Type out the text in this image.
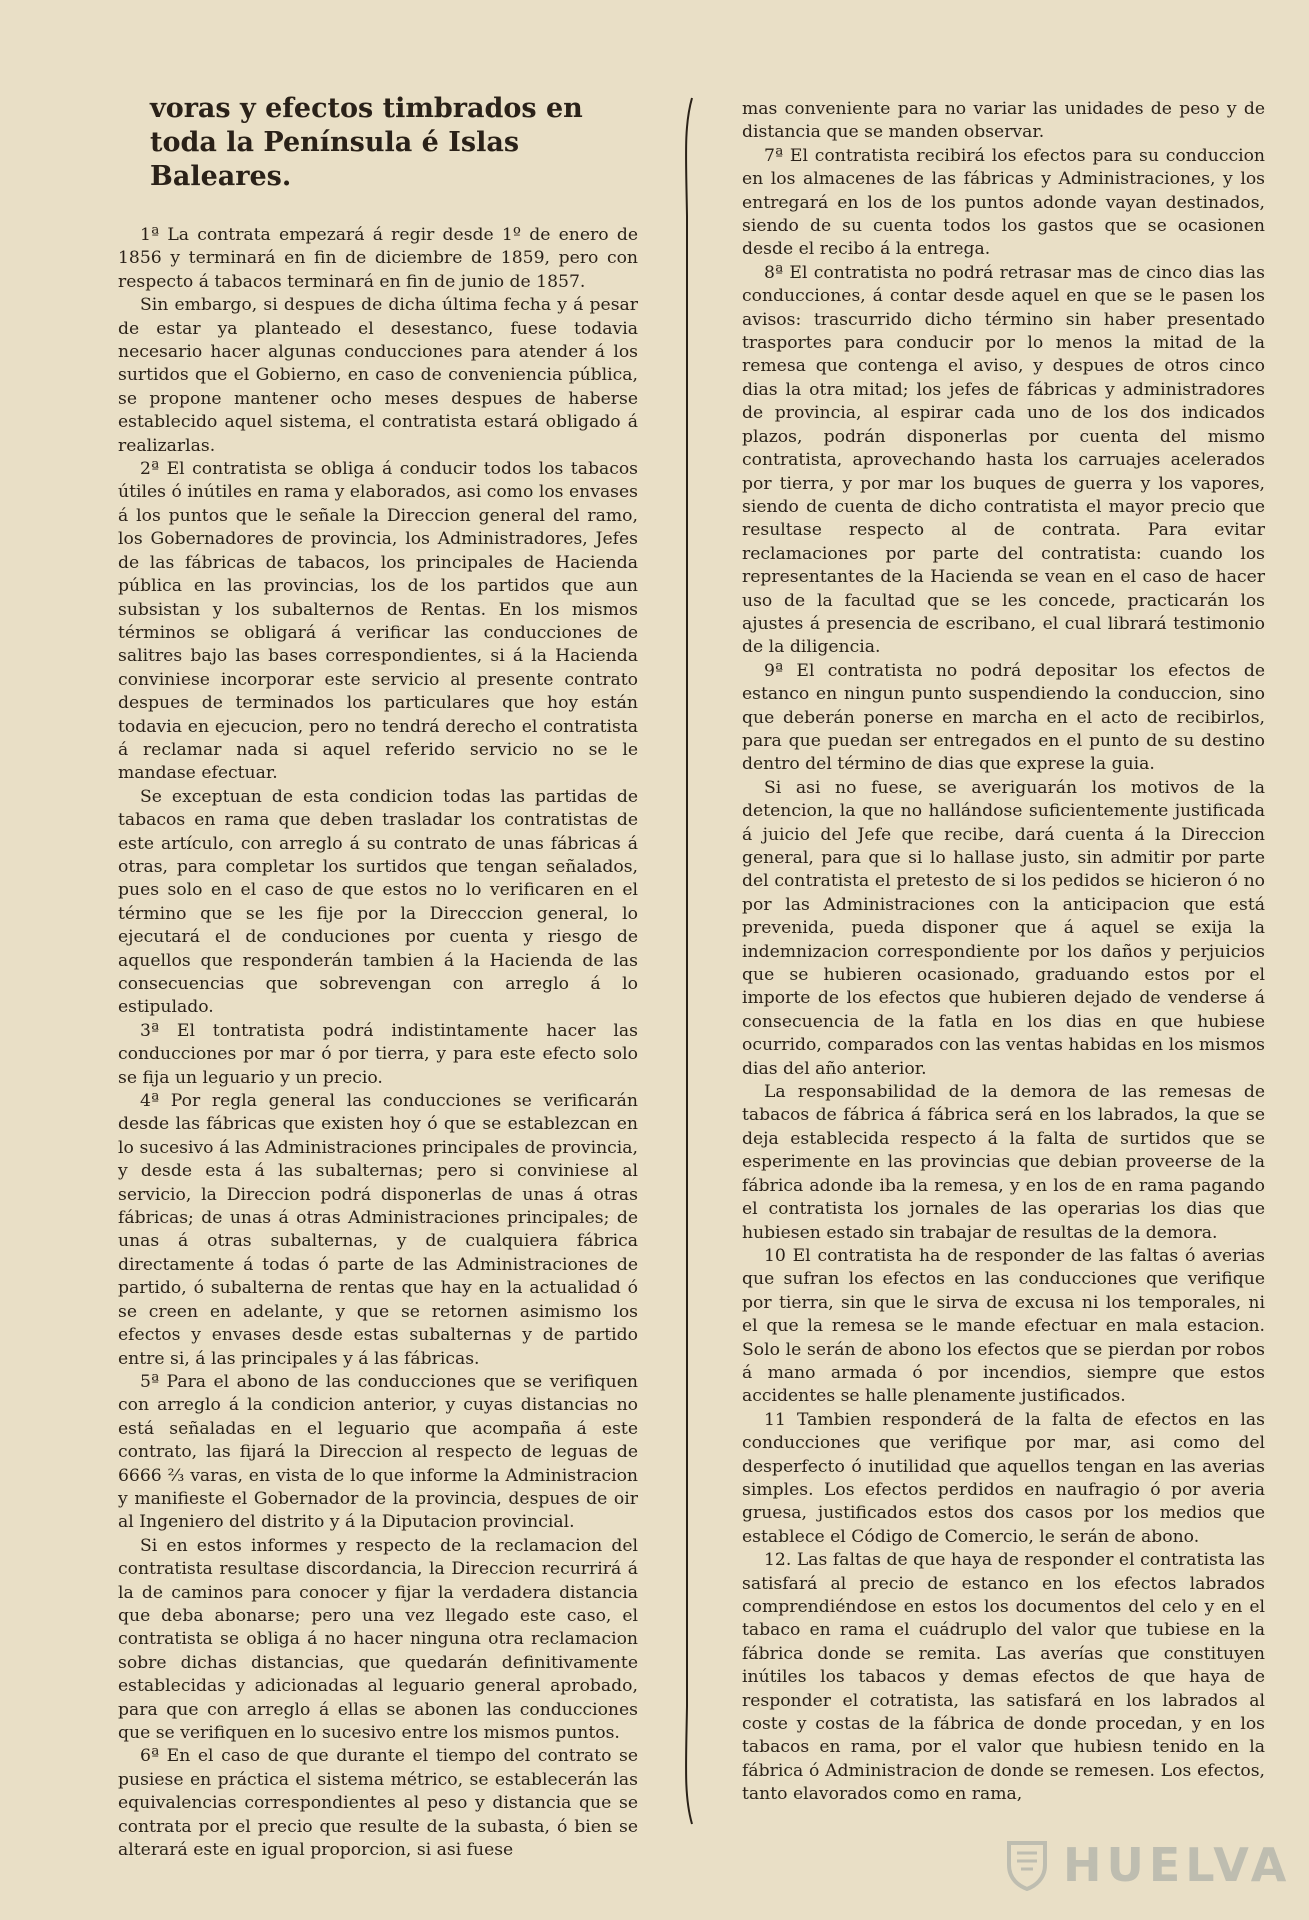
voras y efectos timbrados en toda la Península é Islas Baleares.

1ª La contrata empezará á regir desde 1º de enero de 1856 y terminará en fin de diciembre de 1859, pero con respecto á tabacos terminará en fin de junio de 1857.

Sin embargo, si despues de dicha última fecha y á pesar de estar ya planteado el desestanco, fuese todavia necesario hacer algunas conducciones para atender á los surtidos que el Gobierno, en caso de conveniencia pública, se propone mantener ocho meses despues de haberse establecido aquel sistema, el contratista estará obligado á realizarlas.

2ª El contratista se obliga á conducir todos los tabacos útiles ó inútiles en rama y elaborados, asi como los envases á los puntos que le señale la Direccion general del ramo, los Gobernadores de provincia, los Administradores, Jefes de las fábricas de tabacos, los principales de Hacienda pública en las provincias, los de los partidos que aun subsistan y los subalternos de Rentas. En los mismos términos se obligará á verificar las conducciones de salitres bajo las bases correspondientes, si á la Hacienda conviniese incorporar este servicio al presente contrato despues de terminados los particulares que hoy están todavia en ejecucion, pero no tendrá derecho el contratista á reclamar nada si aquel referido servicio no se le mandase efectuar.

Se exceptuan de esta condicion todas las partidas de tabacos en rama que deben trasladar los contratistas de este artículo, con arreglo á su contrato de unas fábricas á otras, para completar los surtidos que tengan señalados, pues solo en el caso de que estos no lo verificaren en el término que se les fije por la Direcccion general, lo ejecutará el de conduciones por cuenta y riesgo de aquellos que responderán tambien á la Hacienda de las consecuencias que sobrevengan con arreglo á lo estipulado.

3ª El tontratista podrá indistintamente hacer las conducciones por mar ó por tierra, y para este efecto solo se fija un leguario y un precio.

4ª Por regla general las conducciones se verificarán desde las fábricas que existen hoy ó que se establezcan en lo sucesivo á las Administraciones principales de provincia, y desde esta á las subalternas; pero si conviniese al servicio, la Direccion podrá disponerlas de unas á otras fábricas; de unas á otras Administraciones principales; de unas á otras subalternas, y de cualquiera fábrica directamente á todas ó parte de las Administraciones de partido, ó subalterna de rentas que hay en la actualidad ó se creen en adelante, y que se retornen asimismo los efectos y envases desde estas subalternas y de partido entre si, á las principales y á las fábricas.

5ª Para el abono de las conducciones que se verifiquen con arreglo á la condicion anterior, y cuyas distancias no está señaladas en el leguario que acompaña á este contrato, las fijará la Direccion al respecto de leguas de 6666 ⅔ varas, en vista de lo que informe la Administracion y manifieste el Gobernador de la provincia, despues de oir al Ingeniero del distrito y á la Diputacion provincial.

Si en estos informes y respecto de la reclamacion del contratista resultase discordancia, la Direccion recurrirá á la de caminos para conocer y fijar la verdadera distancia que deba abonarse; pero una vez llegado este caso, el contratista se obliga á no hacer ninguna otra reclamacion sobre dichas distancias, que quedarán definitivamente establecidas y adicionadas al leguario general aprobado, para que con arreglo á ellas se abonen las conducciones que se verifiquen en lo sucesivo entre los mismos puntos.

6ª En el caso de que durante el tiempo del contrato se pusiese en práctica el sistema métrico, se establecerán las equivalencias correspondientes al peso y distancia que se contrata por el precio que resulte de la subasta, ó bien se alterará este en igual proporcion, si asi fuese

mas conveniente para no variar las unidades de peso y de distancia que se manden observar.

7ª El contratista recibirá los efectos para su conduccion en los almacenes de las fábricas y Administraciones, y los entregará en los de los puntos adonde vayan destinados, siendo de su cuenta todos los gastos que se ocasionen desde el recibo á la entrega.

8ª El contratista no podrá retrasar mas de cinco dias las conducciones, á contar desde aquel en que se le pasen los avisos: trascurrido dicho término sin haber presentado trasportes para conducir por lo menos la mitad de la remesa que contenga el aviso, y despues de otros cinco dias la otra mitad; los jefes de fábricas y administradores de provincia, al espirar cada uno de los dos indicados plazos, podrán disponerlas por cuenta del mismo contratista, aprovechando hasta los carruajes acelerados por tierra, y por mar los buques de guerra y los vapores, siendo de cuenta de dicho contratista el mayor precio que resultase respecto al de contrata. Para evitar reclamaciones por parte del contratista: cuando los representantes de la Hacienda se vean en el caso de hacer uso de la facultad que se les concede, practicarán los ajustes á presencia de escribano, el cual librará testimonio de la diligencia.

9ª El contratista no podrá depositar los efectos de estanco en ningun punto suspendiendo la conduccion, sino que deberán ponerse en marcha en el acto de recibirlos, para que puedan ser entregados en el punto de su destino dentro del término de dias que exprese la guia.

Si asi no fuese, se averiguarán los motivos de la detencion, la que no hallándose suficientemente justificada á juicio del Jefe que recibe, dará cuenta á la Direccion general, para que si lo hallase justo, sin admitir por parte del contratista el pretesto de si los pedidos se hicieron ó no por las Administraciones con la anticipacion que está prevenida, pueda disponer que á aquel se exija la indemnizacion correspondiente por los daños y perjuicios que se hubieren ocasionado, graduando estos por el importe de los efectos que hubieren dejado de venderse á consecuencia de la fatla en los dias en que hubiese ocurrido, comparados con las ventas habidas en los mismos dias del año anterior.

La responsabilidad de la demora de las remesas de tabacos de fábrica á fábrica será en los labrados, la que se deja establecida respecto á la falta de surtidos que se esperimente en las provincias que debian proveerse de la fábrica adonde iba la remesa, y en los de en rama pagando el contratista los jornales de las operarias los dias que hubiesen estado sin trabajar de resultas de la demora.

10 El contratista ha de responder de las faltas ó averias que sufran los efectos en las conducciones que verifique por tierra, sin que le sirva de excusa ni los temporales, ni el que la remesa se le mande efectuar en mala estacion. Solo le serán de abono los efectos que se pierdan por robos á mano armada ó por incendios, siempre que estos accidentes se halle plenamente justificados.

11 Tambien responderá de la falta de efectos en las conducciones que verifique por mar, asi como del desperfecto ó inutilidad que aquellos tengan en las averias simples. Los efectos perdidos en naufragio ó por averia gruesa, justificados estos dos casos por los medios que establece el Código de Comercio, le serán de abono.

12. Las faltas de que haya de responder el contratista las satisfará al precio de estanco en los efectos labrados comprendiéndose en estos los documentos del celo y en el tabaco en rama el cuádruplo del valor que tubiese en la fábrica donde se remita. Las averías que constituyen inútiles los tabacos y demas efectos de que haya de responder el cotratista, las satisfará en los labrados al coste y costas de la fábrica de donde procedan, y en los tabacos en rama, por el valor que hubiesn tenido en la fábrica ó Administracion de donde se remesen. Los efectos, tanto elavorados como en rama,

HUELVA
